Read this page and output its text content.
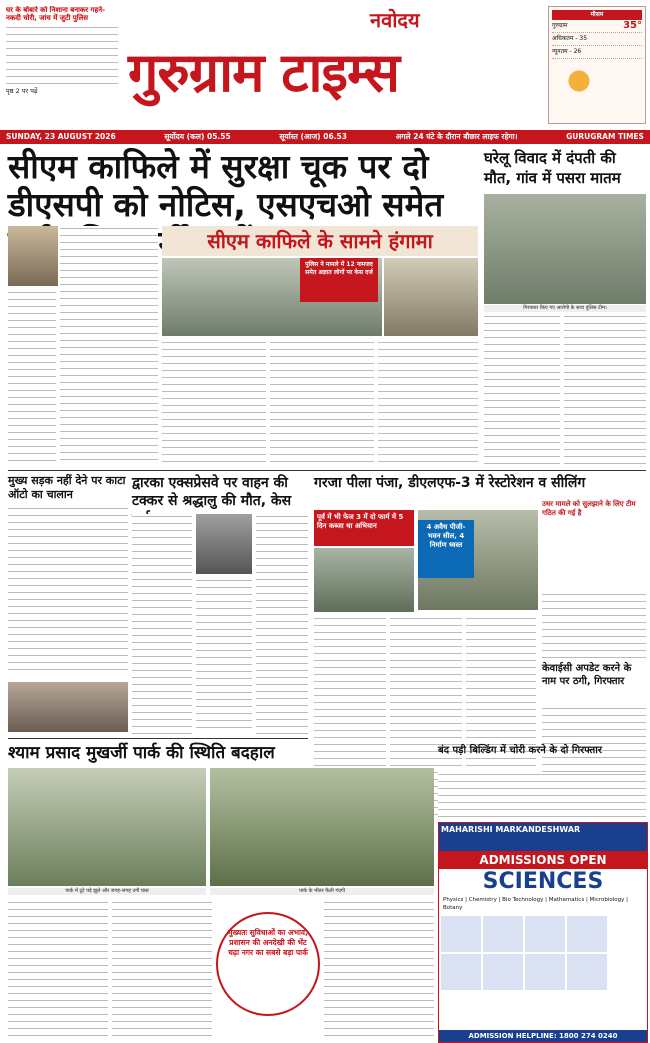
घर के बोबारे को निशाना बनाकर गहने-नकदी चोरी, जांच में जुटी पुलिस
पृष्ठ 2 पर पढ़ें
नवोदय
गुरुग्राम टाइम्स
मौसम
गुरुग्राम	35°
अधिकतम - 35
न्यूनतम - 26
SUNDAY, 23 AUGUST 2026	सूर्योदय (कल) 05.55	सूर्यास्त (आज) 06.53	अगले 24 घंटे के दौरान बौछार लाइफ रहेगा।	GURUGRAM TIMES
सीएम काफिले में सुरक्षा चूक पर दो डीएसपी को नोटिस, एसएचओ समेत
घरेलू विवाद में दंपती की मौत, गांव में पसरा मातम
गिरफ्तार किए गए आरोपी के साथ पुलिस टीम।
सीएम काफिले के सामने हंगामा
पुलिस ने मामले में 12 नामजद समेत अज्ञात लोगों पर केस दर्ज
मुख्य सड़क नहीं देने पर काटा ऑटो का चालान
द्वारका एक्सप्रेसवे पर वाहन की टक्कर से श्रद्धालु की मौत, केस
गरजा पीला पंजा, डीएलएफ-3 में रेस्टोरेशन व सीलिंग
पूर्व में भी फेज 3 में दो फार्म में 5 दिन कब्जा था अभियान	4 अवैध पीजी-भवन सील, 4 निर्माण ध्वस्त
उधर मामले को सुलझाने के लिए टीम गठित की गई है
केवाईसी अपडेट करने के नाम पर ठगी, गिरफ्तार
श्याम प्रसाद मुखर्जी पार्क की स्थिति बदहाल
पार्क में टूटे पड़े झूले और जगह-जगह उगी घास	पार्क के भीतर फैली गंदगी
मुख्यतः सुविधाओं का अभाव, प्रशासन की अनदेखी की भेंट चढ़ा नगर का सबसे बड़ा पार्क
बंद पड़ी बिल्डिंग में चोरी करने के दो गिरफ्तार
MAHARISHI MARKANDESHWAR
ADMISSIONS OPEN
SCIENCES
Physics | Chemistry | Bio Technology | Mathematics | Microbiology | Botany
ADMISSION HELPLINE: 1800 274 0240
